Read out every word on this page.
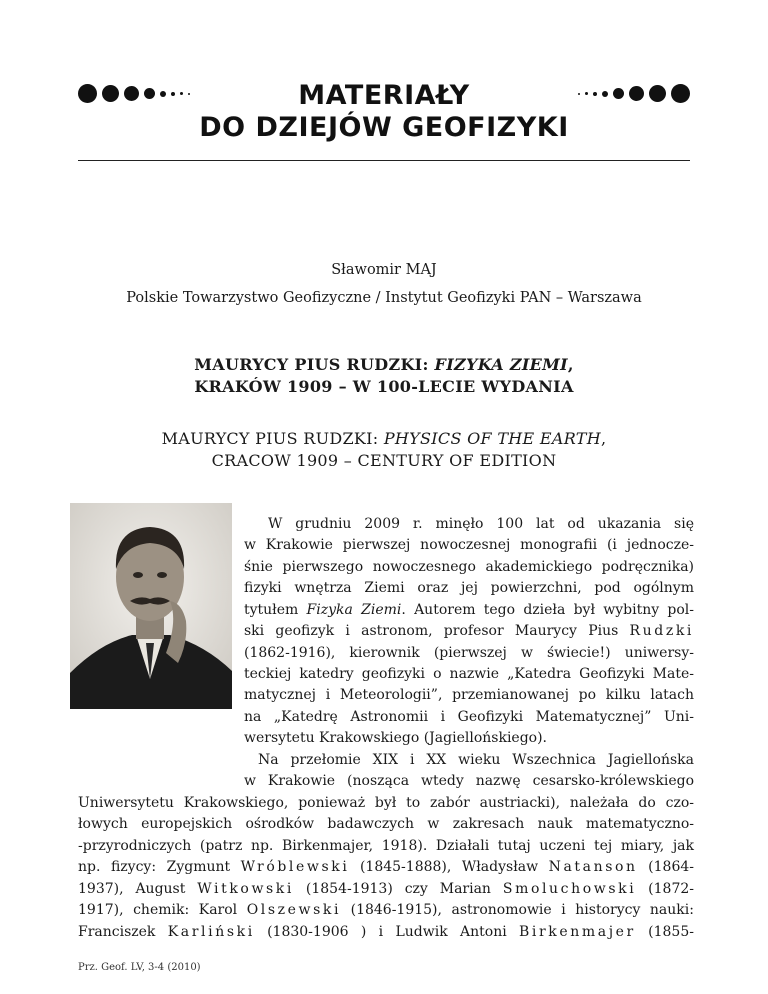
MATERIAŁY
DO DZIEJÓW GEOFIZYKI
Sławomir MAJ
Polskie Towarzystwo Geofizyczne / Instytut Geofizyki PAN – Warszawa
MAURYCY PIUS RUDZKI: FIZYKA ZIEMI,
KRAKÓW 1909 – W 100-LECIE WYDANIA
MAURYCY PIUS RUDZKI: PHYSICS OF THE EARTH,
CRACOW 1909 – CENTURY OF EDITION
W grudniu 2009 r. minęło 100 lat od ukazania się
w Krakowie pierwszej nowoczesnej monografii (i jednocze-
śnie pierwszego nowoczesnego akademickiego podręcznika)
fizyki wnętrza Ziemi oraz jej powierzchni, pod ogólnym
tytułem Fizyka Ziemi. Autorem tego dzieła był wybitny pol-
ski geofizyk i astronom, profesor Maurycy Pius Rudzki
(1862-1916), kierownik (pierwszej w świecie!) uniwersy-
teckiej katedry geofizyki o nazwie „Katedra Geofizyki Mate-
matycznej i Meteorologii”, przemianowanej po kilku latach
na „Katedrę Astronomii i Geofizyki Matematycznej” Uni-
wersytetu Krakowskiego (Jagiellońskiego).
Na przełomie XIX i XX wieku Wszechnica Jagiellońska
w Krakowie (nosząca wtedy nazwę cesarsko-królewskiego
Uniwersytetu Krakowskiego, ponieważ był to zabór austriacki), należała do czo-
łowych europejskich ośrodków badawczych w zakresach nauk matematyczno-
-przyrodniczych (patrz np. Birkenmajer, 1918). Działali tutaj uczeni tej miary, jak
np. fizycy: Zygmunt Wróblewski (1845-1888), Władysław Natanson (1864-
1937), August Witkowski (1854-1913) czy Marian Smoluchowski (1872-
1917), chemik: Karol Olszewski (1846-1915), astronomowie i historycy nauki:
Franciszek Karliński (1830-1906 ) i Ludwik Antoni Birkenmajer (1855-
Prz. Geof. LV, 3-4 (2010)
